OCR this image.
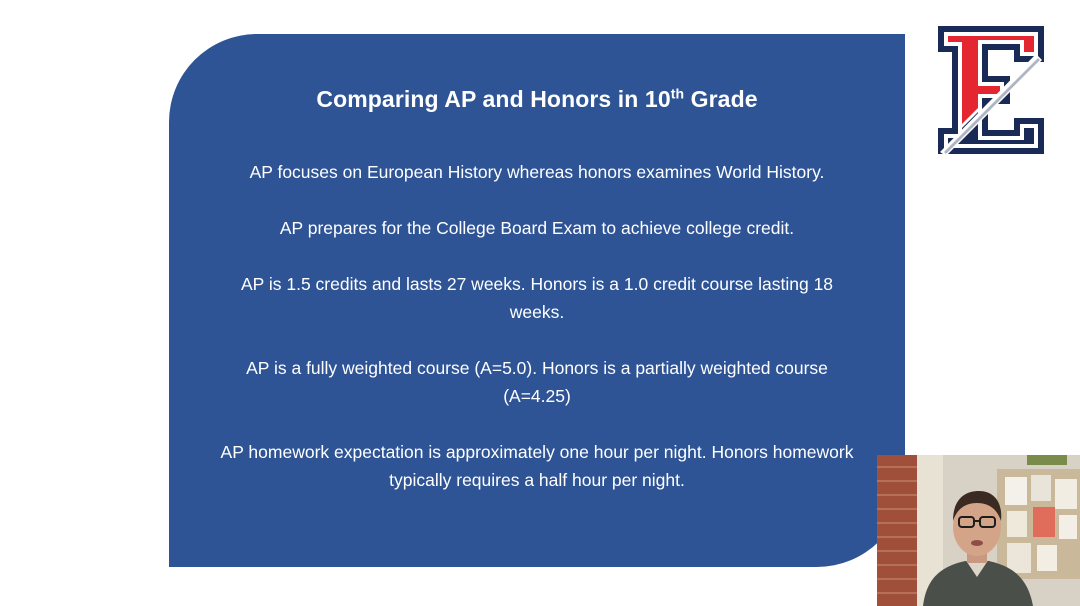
Comparing AP and Honors in 10th Grade
AP focuses on European History whereas honors examines World History.
AP prepares for the College Board Exam to achieve college credit.
AP is 1.5 credits and lasts 27 weeks. Honors is a 1.0 credit course lasting 18 weeks.
AP is a fully weighted course (A=5.0). Honors is a partially weighted course (A=4.25)
AP homework expectation is approximately one hour per night. Honors homework typically requires a half hour per night.
